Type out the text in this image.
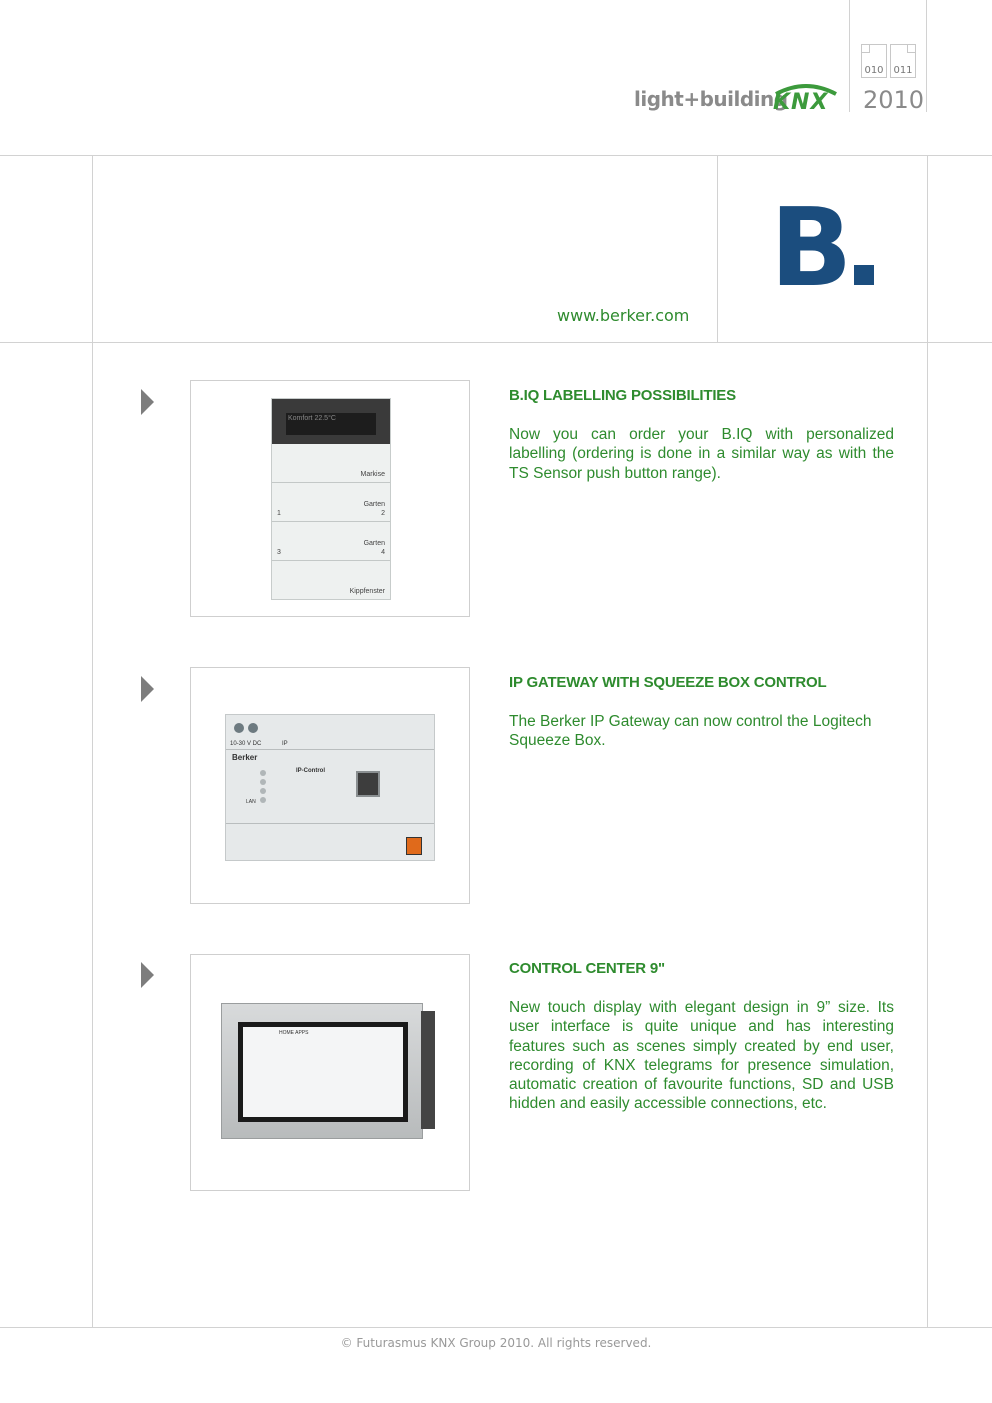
010 011
light+building
KNX 2010
www.berker.com
B
Komfort 22.5°C
Markise
Garten
2
1
Garten
4
3
Kippfenster
B.IQ LABELLING POSSIBILITIES
Now you can order your B.IQ with personalized labelling (ordering is done in a similar way as with the TS Sensor push button range).
10-30 V DC	IP
Berker
IP-Control
LAN
IP GATEWAY WITH SQUEEZE BOX CONTROL
The Berker IP Gateway can now control the Logitech Squeeze Box.
HOME APPS
CONTROL CENTER 9"
New touch display with elegant design in 9” size. Its user interface is quite unique and has interesting features such as scenes simply created by end user, recording of KNX telegrams for presence simulation, automatic creation of favourite functions, SD and USB hidden and easily accessible connections, etc.
© Futurasmus KNX Group 2010. All rights reserved.
